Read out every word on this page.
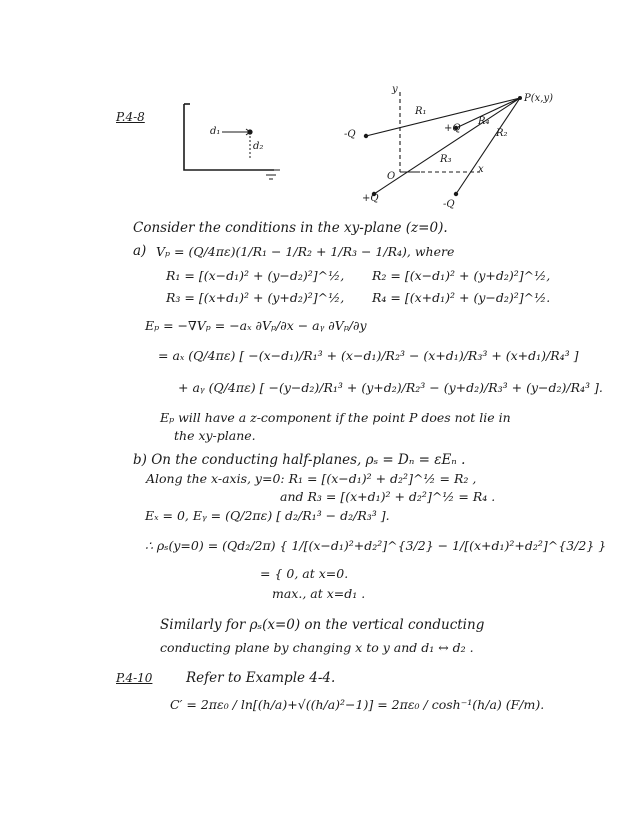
P.4-8
d₁
d₂
y
x
O
P(x,y)
-Q
+Q
+Q
-Q
R₁
R₂
R₃
R₄
Consider the conditions in the xy-plane (z=0).
a) Vₚ = (Q/4πε)(1/R₁ − 1/R₂ + 1/R₃ − 1/R₄), where
R₁ = [(x−d₁)² + (y−d₂)²]^½, R₂ = [(x−d₁)² + (y+d₂)²]^½,
R₃ = [(x+d₁)² + (y+d₂)²]^½, R₄ = [(x+d₁)² + (y−d₂)²]^½.
Eₚ = −∇Vₚ = −aₓ ∂Vₚ/∂x − aᵧ ∂Vₚ/∂y
= aₓ (Q/4πε) [ −(x−d₁)/R₁³ + (x−d₁)/R₂³ − (x+d₁)/R₃³ + (x+d₁)/R₄³ ]
+ aᵧ (Q/4πε) [ −(y−d₂)/R₁³ + (y+d₂)/R₂³ − (y+d₂)/R₃³ + (y−d₂)/R₄³ ].
Eₚ will have a z-component if the point P does not lie in
the xy-plane.
b) On the conducting half-planes, ρₛ = Dₙ = εEₙ .
Along the x-axis, y=0: R₁ = [(x−d₁)² + d₂²]^½ = R₂ ,
and R₃ = [(x+d₁)² + d₂²]^½ = R₄ .
Eₓ = 0, Eᵧ = (Q/2πε) [ d₂/R₁³ − d₂/R₃³ ].
∴ ρₛ(y=0) = (Qd₂/2π) { 1/[(x−d₁)²+d₂²]^{3/2} − 1/[(x+d₁)²+d₂²]^{3/2} }
= { 0, at x=0.
max., at x=d₁ .
Similarly for ρₛ(x=0) on the vertical conducting
conducting plane by changing x to y and d₁ ↔ d₂ .
P.4-10 Refer to Example 4-4.
C′ = 2πε₀ / ln[(h/a)+√((h/a)²−1)] = 2πε₀ / cosh⁻¹(h/a) (F/m).
